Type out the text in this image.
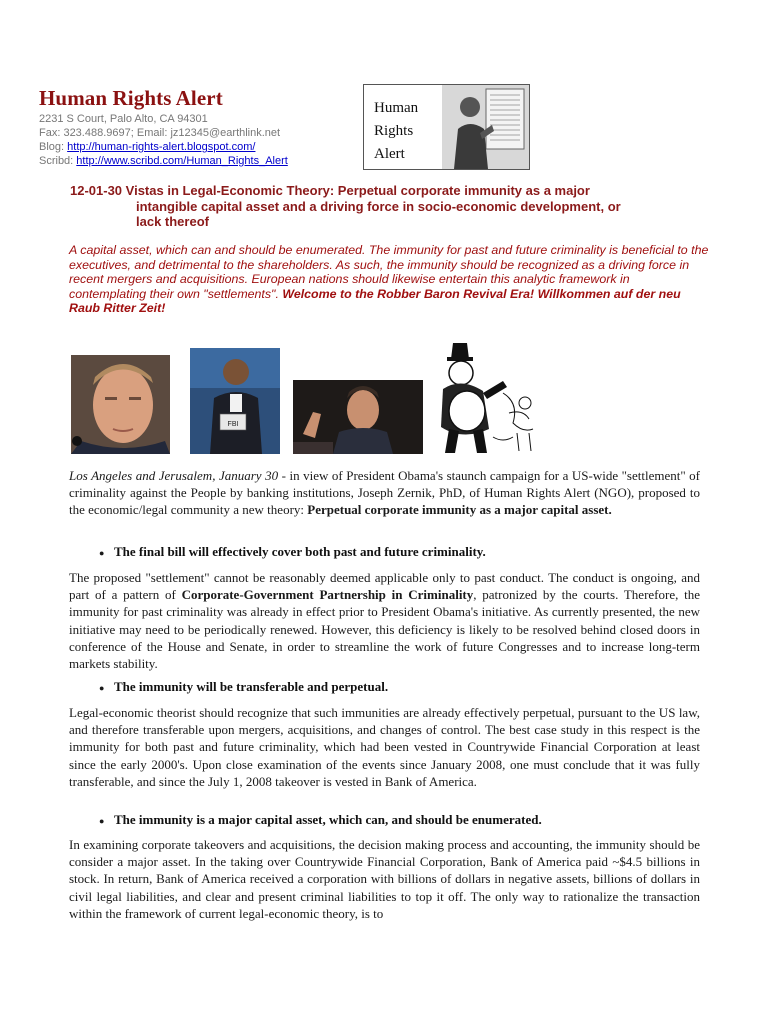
Human Rights Alert
2231 S Court, Palo Alto, CA 94301
Fax: 323.488.9697; Email: jz12345@earthlink.net
Blog: http://human-rights-alert.blogspot.com/
Scribd: http://www.scribd.com/Human_Rights_Alert
Human
Rights
Alert
12-01-30 Vistas in Legal-Economic Theory: Perpetual corporate immunity as a major
intangible capital asset and a driving force in socio-economic development, or
lack thereof
A capital asset, which can and should be enumerated. The immunity for past and future criminality is beneficial to the executives, and detrimental to the shareholders. As such, the immunity should be recognized as a driving force in recent mergers and acquisitions. European nations should likewise entertain this analytic framework in contemplating their own "settlements". Welcome to the Robber Baron Revival Era! Willkommen auf der neu Raub Ritter Zeit!
FBI
Los Angeles and Jerusalem, January 30 - in view of President Obama's staunch campaign for a US-wide "settlement" of criminality against the People by banking institutions, Joseph Zernik, PhD, of Human Rights Alert (NGO), proposed to the economic/legal community a new theory: Perpetual corporate immunity as a major capital asset.
● The final bill will effectively cover both past and future criminality.
The proposed "settlement" cannot be reasonably deemed applicable only to past conduct. The conduct is ongoing, and part of a pattern of Corporate-Government Partnership in Criminality, patronized by the courts. Therefore, the immunity for past criminality was already in effect prior to President Obama's initiative. As currently presented, the new initiative may need to be periodically renewed. However, this deficiency is likely to be resolved behind closed doors in conference of the House and Senate, in order to streamline the work of future Congresses and to increase long-term markets stability.
● The immunity will be transferable and perpetual.
Legal-economic theorist should recognize that such immunities are already effectively perpetual, pursuant to the US law, and therefore transferable upon mergers, acquisitions, and changes of control. The best case study in this respect is the immunity for both past and future criminality, which had been vested in Countrywide Financial Corporation at least since the early 2000's. Upon close examination of the events since January 2008, one must conclude that it was fully transferable, and since the July 1, 2008 takeover is vested in Bank of America.
● The immunity is a major capital asset, which can, and should be enumerated.
In examining corporate takeovers and acquisitions, the decision making process and accounting, the immunity should be consider a major asset. In the taking over Countrywide Financial Corporation, Bank of America paid ~$4.5 billions in stock. In return, Bank of America received a corporation with billions of dollars in negative assets, billions of dollars in civil legal liabilities, and clear and present criminal liabilities to top it off. The only way to rationalize the transaction within the framework of current legal-economic theory, is to
